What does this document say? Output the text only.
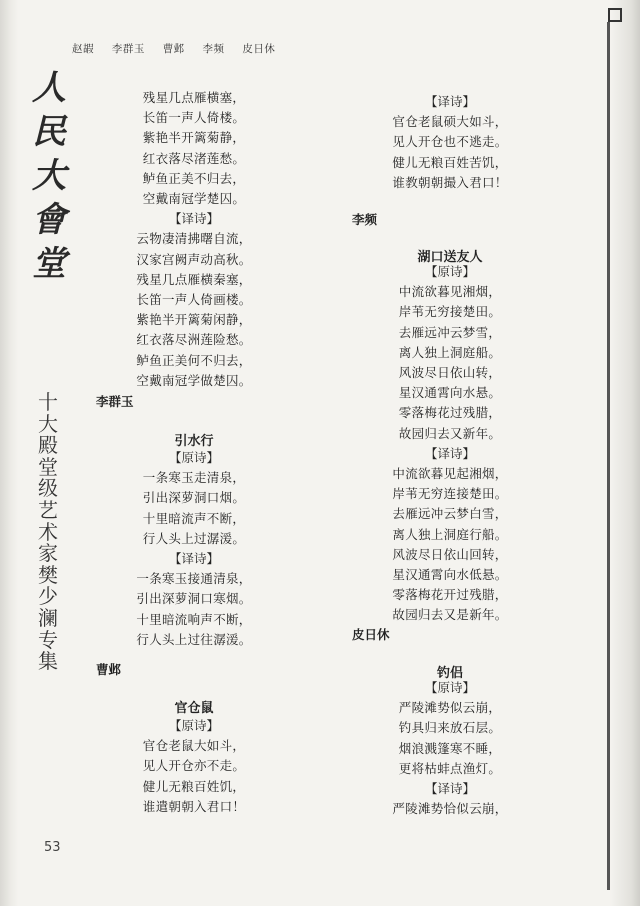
赵嘏 李群玉 曹邺 李频 皮日休
人
民
大
會
堂
十
大
殿
堂
级
艺
术
家
樊
少
澜
专
集
残星几点雁横塞，
长笛一声人倚楼。
紫艳半开篱菊静，
红衣落尽渚莲愁。
鲈鱼正美不归去，
空戴南冠学楚囚。
【译诗】
云物凄清拂曙自流，
汉家宫阙声动高秋。
残星几点雁横秦塞，
长笛一声人倚画楼。
紫艳半开篱菊闲静，
红衣落尽洲莲险愁。
鲈鱼正美何不归去，
空戴南冠学做楚囚。
李群玉
引水行
【原诗】
一条寒玉走清泉，
引出深萝洞口烟。
十里暗流声不断，
行人头上过潺湲。
【译诗】
一条寒玉接通清泉，
引出深萝洞口寒烟。
十里暗流响声不断，
行人头上过往潺湲。
曹邺
官仓鼠
【原诗】
官仓老鼠大如斗，
见人开仓亦不走。
健儿无粮百姓饥，
谁遣朝朝入君口！
【译诗】
官仓老鼠硕大如斗，
见人开仓也不逃走。
健儿无粮百姓苦饥，
谁教朝朝撮入君口！
李频
湖口送友人
【原诗】
中流欲暮见湘烟，
岸苇无穷接楚田。
去雁远冲云梦雪，
离人独上洞庭船。
风波尽日依山转，
星汉通霄向水悬。
零落梅花过残腊，
故园归去又新年。
【译诗】
中流欲暮见起湘烟，
岸苇无穷连接楚田。
去雁远冲云梦白雪，
离人独上洞庭行船。
风波尽日依山回转，
星汉通霄向水低悬。
零落梅花开过残腊，
故园归去又是新年。
皮日休
钓侣
【原诗】
严陵滩势似云崩，
钓具归来放石层。
烟浪溅篷寒不睡，
更将枯蚌点渔灯。
【译诗】
严陵滩势恰似云崩，
53
